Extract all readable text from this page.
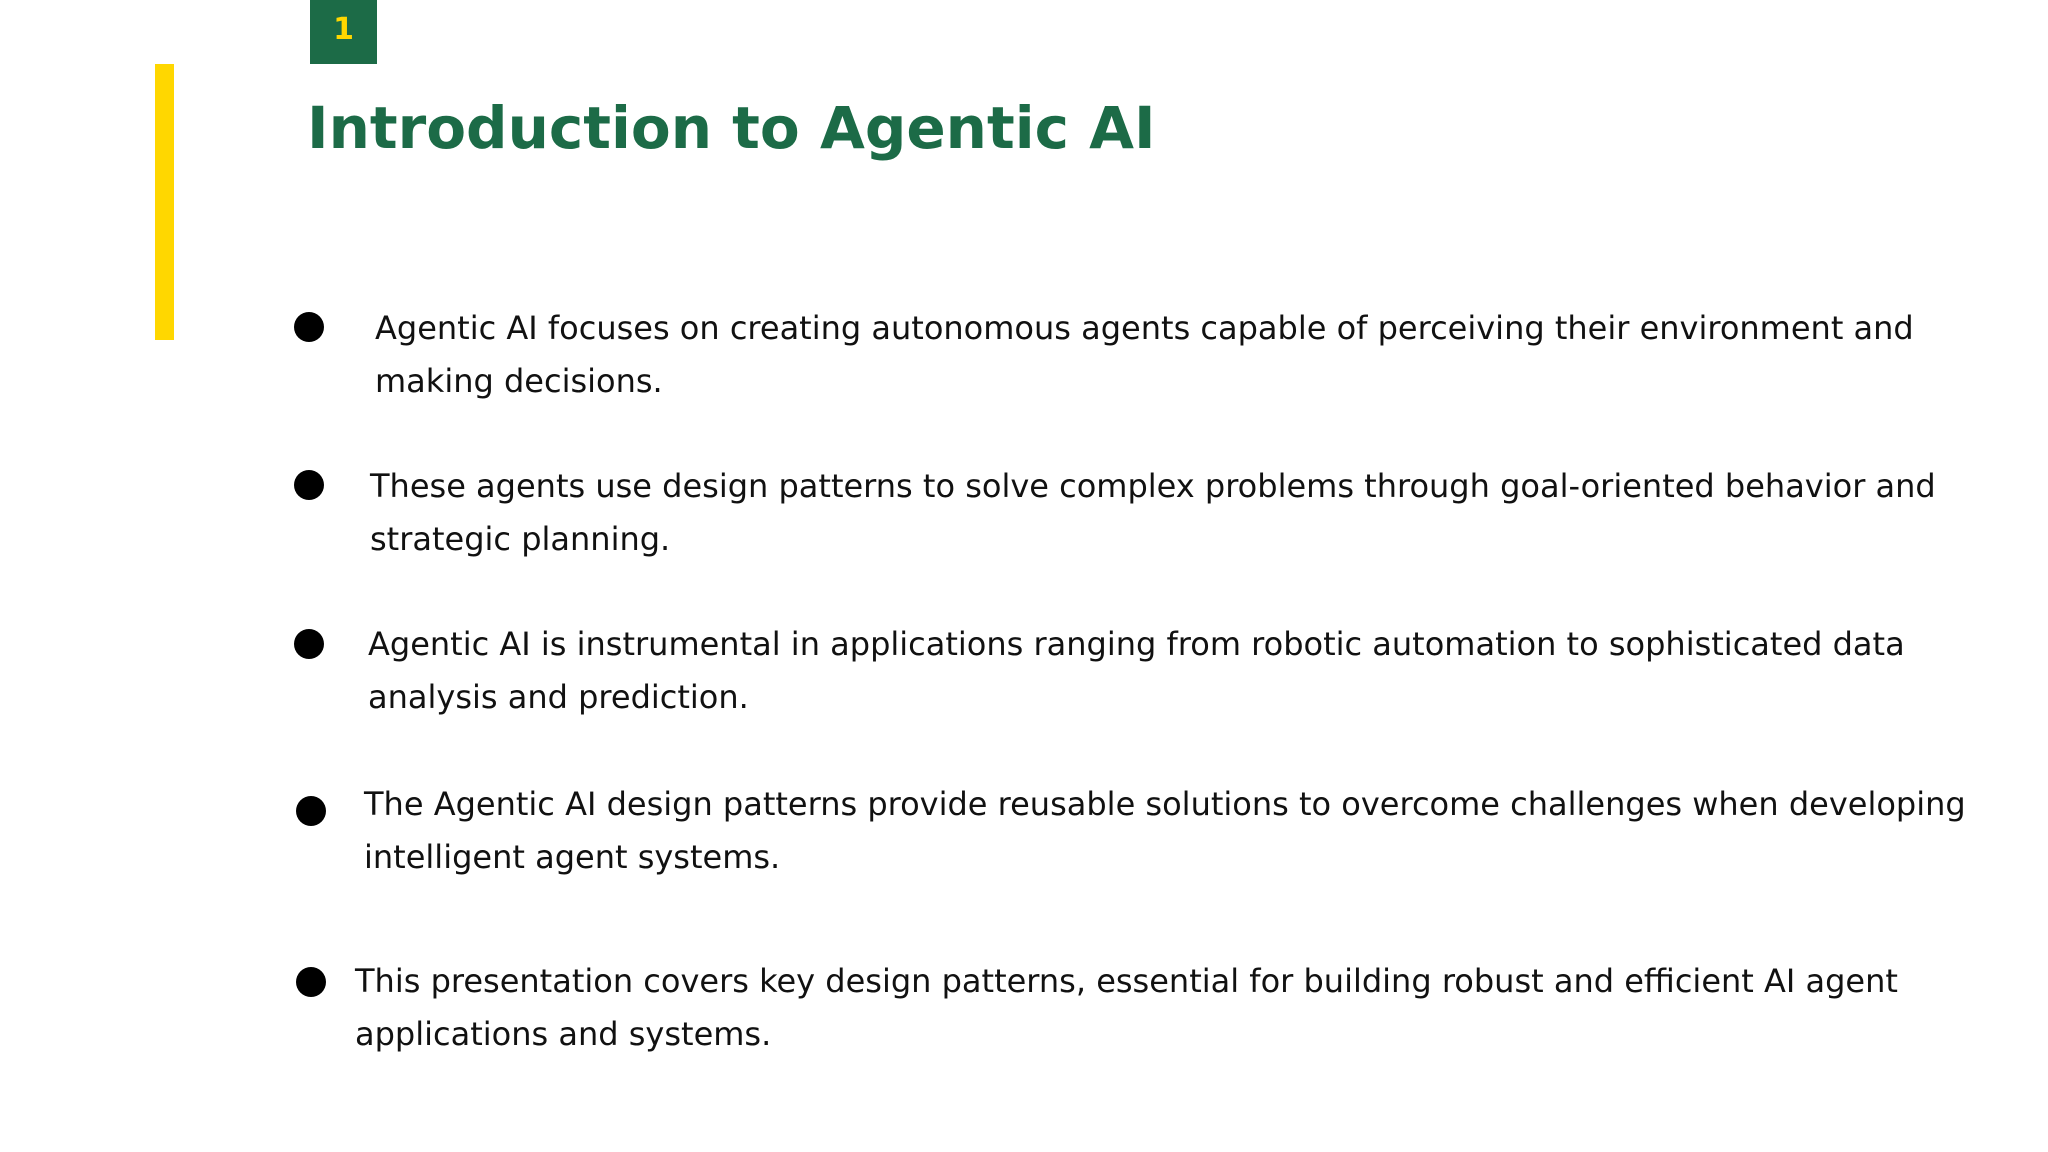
1
Introduction to Agentic AI

Agentic AI focuses on creating autonomous agents capable of perceiving their environment and making decisions.

These agents use design patterns to solve complex problems through goal-oriented behavior and strategic planning.

Agentic AI is instrumental in applications ranging from robotic automation to sophisticated data analysis and prediction.

The Agentic AI design patterns provide reusable solutions to overcome challenges when developing intelligent agent systems.

This presentation covers key design patterns, essential for building robust and efficient AI agent applications and systems.
